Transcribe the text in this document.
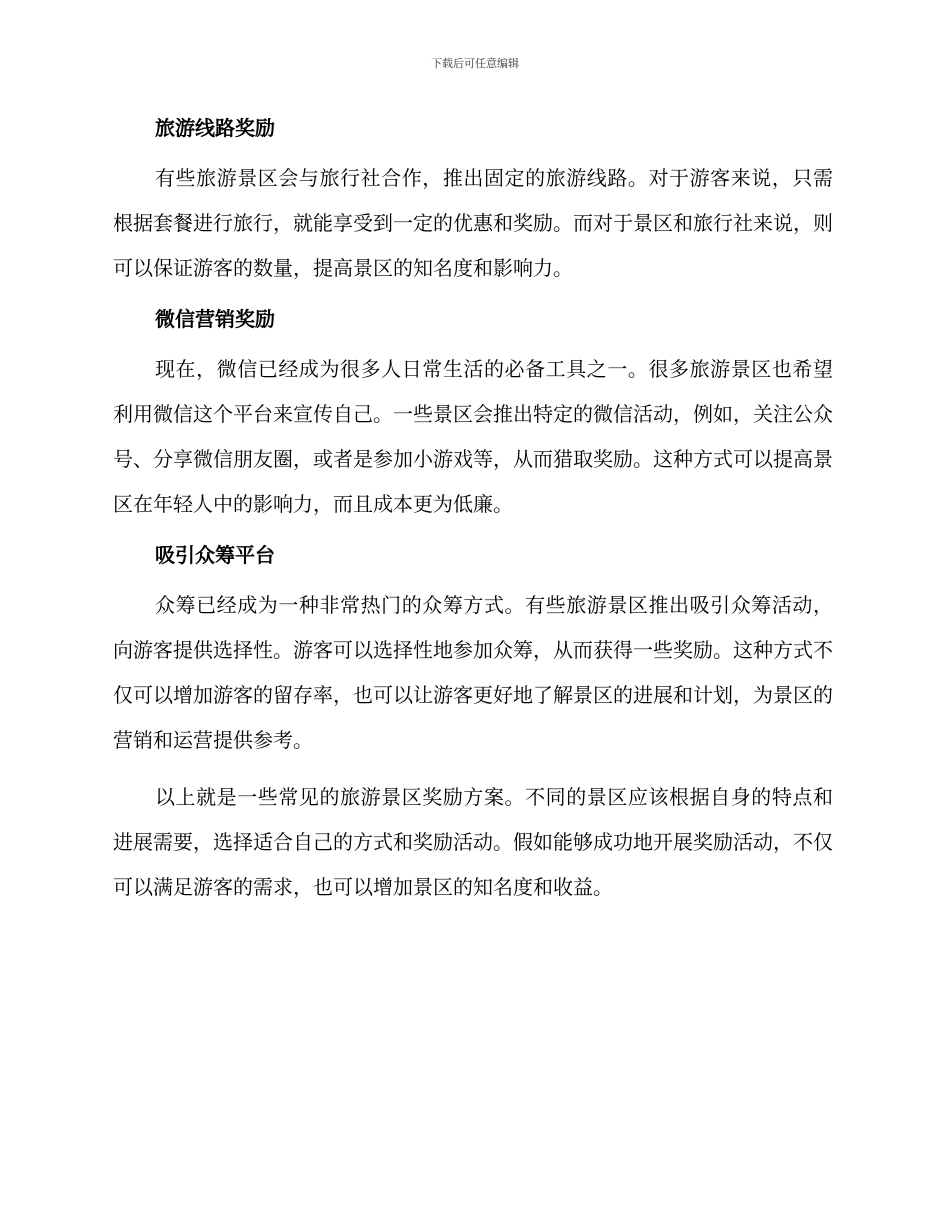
下载后可任意编辑
旅游线路奖励

有些旅游景区会与旅行社合作，推出固定的旅游线路。对于游客来说，只需根据套餐进行旅行，就能享受到一定的优惠和奖励。而对于景区和旅行社来说，则可以保证游客的数量，提高景区的知名度和影响力。

微信营销奖励

现在，微信已经成为很多人日常生活的必备工具之一。很多旅游景区也希望利用微信这个平台来宣传自己。一些景区会推出特定的微信活动，例如，关注公众号、分享微信朋友圈，或者是参加小游戏等，从而猎取奖励。这种方式可以提高景区在年轻人中的影响力，而且成本更为低廉。

吸引众筹平台

众筹已经成为一种非常热门的众筹方式。有些旅游景区推出吸引众筹活动，向游客提供选择性。游客可以选择性地参加众筹，从而获得一些奖励。这种方式不仅可以增加游客的留存率，也可以让游客更好地了解景区的进展和计划，为景区的营销和运营提供参考。

以上就是一些常见的旅游景区奖励方案。不同的景区应该根据自身的特点和进展需要，选择适合自己的方式和奖励活动。假如能够成功地开展奖励活动，不仅可以满足游客的需求，也可以增加景区的知名度和收益。
